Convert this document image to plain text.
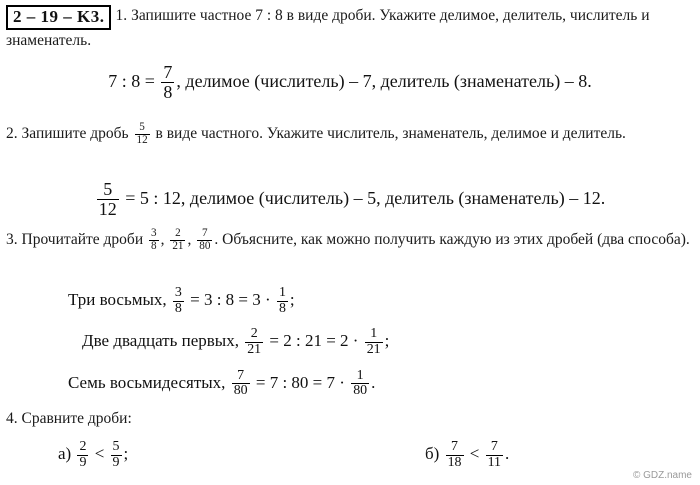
2 – 19 – K3. 1. Запишите частное 7 : 8 в виде дроби. Укажите делимое, делитель, числитель и знаменатель.
7 : $8 = \frac{7}{8}$ , делимое (числитель) – 7, делитель (знаменатель) – 8.
2. Запишите дробь $\frac{5}{12}$ в виде частного. Укажите числитель, знаменатель, делимое и делитель.
$\frac{5}{12} = 5$ : 12, делимое (числитель) – 5, делитель (знаменатель) – 12.
3. Прочитайте дроби $\frac{3}{8}$ , $\frac{2}{21}$ , $\frac{7}{80}$ . Объясните, как можно получить каждую из этих дробей (два способа).
Три восьмых, $\frac{3}{8} = 3$ : $8 = 3 \cdot \frac{1}{8}$ ;
Две двадцать первых, $\frac{2}{21} = 2$ : $21 = 2 \cdot \frac{1}{21}$ ;
Семь восьмидесятых, $\frac{7}{80} = 7$ : $80 = 7 \cdot \frac{1}{80}$ .
4. Сравните дроби:
$а) \frac{2}{9} < \frac{5}{9}$ ;	$б) \frac{7}{18} < \frac{7}{11}$ .
© GDZ.name
